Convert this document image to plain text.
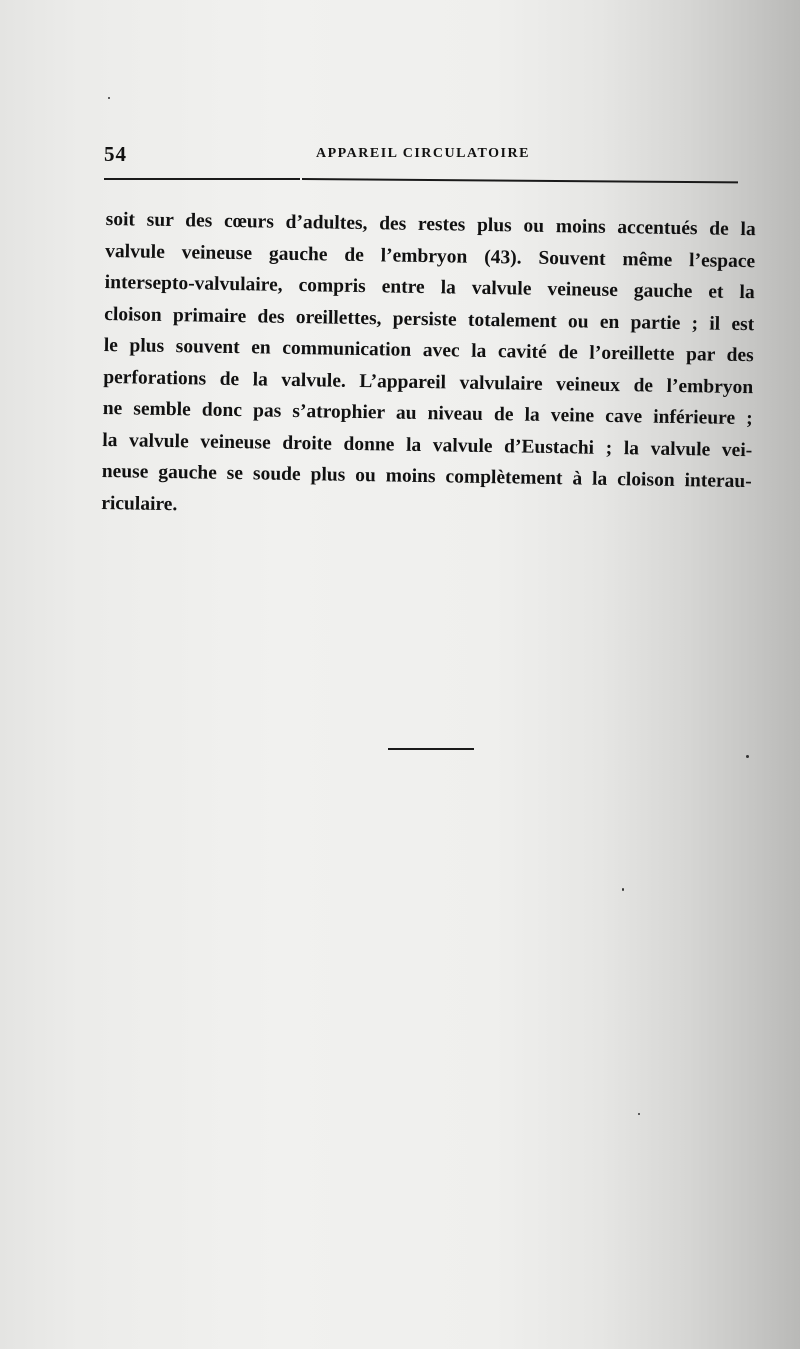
54	APPAREIL CIRCULATOIRE
soit sur des cœurs d’adultes, des restes plus ou moins accentués de la
valvule veineuse gauche de l’embryon (43). Souvent même l’espace
intersepto-valvulaire, compris entre la valvule veineuse gauche et la
cloison primaire des oreillettes, persiste totalement ou en partie ; il est
le plus souvent en communication avec la cavité de l’oreillette par des
perforations de la valvule. L’appareil valvulaire veineux de l’embryon
ne semble donc pas s’atrophier au niveau de la veine cave inférieure ;
la valvule veineuse droite donne la valvule d’Eustachi ; la valvule vei-
neuse gauche se soude plus ou moins complètement à la cloison interau-
riculaire.
